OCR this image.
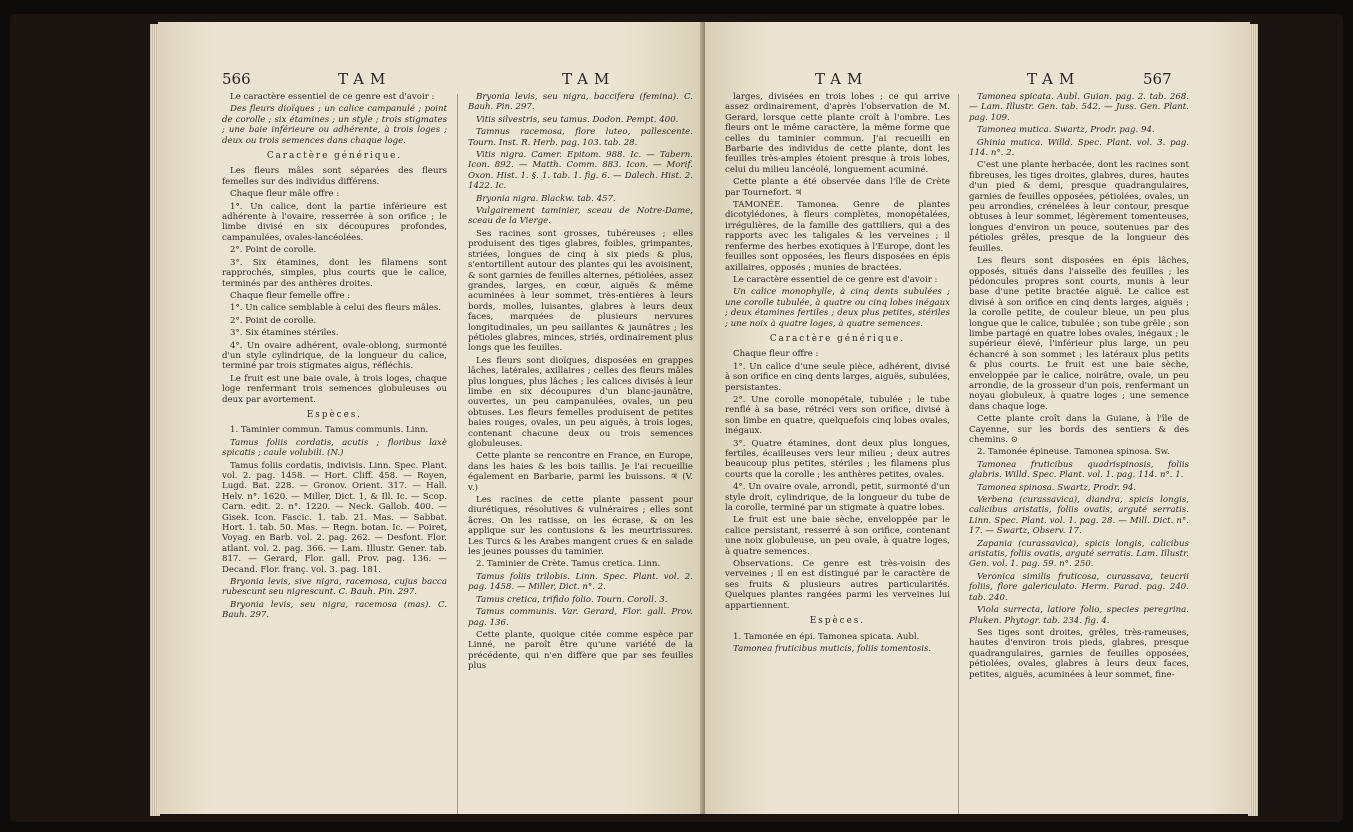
566	TAM	TAM

Le caractère essentiel de ce genre est d'avoir :

Des fleurs dioïques ; un calice campanulé ; point de corolle ; six étamines ; un style ; trois stigmates ; une baie inférieure ou adhérente, à trois loges ; deux ou trois semences dans chaque loge.

Caractère générique.

Les fleurs mâles sont séparées des fleurs femelles sur des individus différens.

Chaque fleur mâle offre :

1°. Un calice, dont la partie inférieure est adhérente à l'ovaire, resserrée à son orifice ; le limbe divisé en six découpures profondes, campanulées, ovales-lancéolées.

2°. Point de corolle.

3°. Six étamines, dont les filamens sont rapprochés, simples, plus courts que le calice, terminés par des anthères droites.

Chaque fleur femelle offre :

1°. Un calice semblable à celui des fleurs mâles.

2°. Point de corolle.

3°. Six étamines stériles.

4°. Un ovaire adhérent, ovale-oblong, surmonté d'un style cylindrique, de la longueur du calice, terminé par trois stigmates aigus, réfléchis.

Le fruit est une baie ovale, à trois loges, chaque loge renfermant trois semences globuleuses ou deux par avortement.

Espèces.

1. Taminier commun. Tamus communis. Linn.

Tamus foliis cordatis, acutis ; floribus laxè spicatis ; caule volubili. (N.)

Tamus foliis cordatis, indivisis. Linn. Spec. Plant. vol. 2. pag. 1458. — Hort. Cliff. 458. — Royen, Lugd. Bat. 228. — Gronov. Orient. 317. — Hall. Helv. n°. 1620. — Miller, Dict. 1, & Ill. Ic. — Scop. Carn. edit. 2. n°. 1220. — Neck. Gallob. 400. — Gisek. Icon. Fascic. 1. tab. 21. Mas. — Sabbat. Hort. 1. tab. 50. Mas. — Regn. botan. Ic. — Poiret, Voyag. en Barb. vol. 2. pag. 262. — Desfont. Flor. atlant. vol. 2. pag. 366. — Lam. Illustr. Gener. tab. 817. — Gerard, Flor. gall. Prov. pag. 136. — Decand. Flor. franç. vol. 3. pag. 181.

Bryonia levis, sive nigra, racemosa, cujus bacca rubescunt seu nigrescunt. C. Bauh. Pin. 297.

Bryonia levis, seu nigra, racemosa (mas). C. Bauh. 297.

Bryonia levis, seu nigra, baccifera (femina). C. Bauh. Pin. 297.

Vitis silvestris, seu tamus. Dodon. Pempt. 400.

Tamnus racemosa, flore luteo, pallescente. Tourn. Inst. R. Herb. pag. 103. tab. 28.

Vitis nigra. Camer. Epitom. 988. Ic. — Tabern. Icon. 892. — Matth. Comm. 883. Icon. — Morif. Oxon. Hist. 1. §. 1. tab. 1. fig. 6. — Dalech. Hist. 2. 1422. Ic.

Bryonia nigra. Blackw. tab. 457.

Vulgairement taminier, sceau de Notre-Dame, sceau de la Vierge.

Ses racines sont grosses, tubéreuses ; elles produisent des tiges glabres, foibles, grimpantes, striées, longues de cinq à six pieds & plus, s'entortillent autour des plantes qui les avoisinent, & sont garnies de feuilles alternes, pétiolées, assez grandes, larges, en cœur, aiguës & même acuminées à leur sommet, très-entières à leurs bords, molles, luisantes, glabres à leurs deux faces, marquées de plusieurs nervures longitudinales, un peu saillantes & jaunâtres ; les pétioles glabres, minces, striés, ordinairement plus longs que les feuilles.

Les fleurs sont dioïques, disposées en grappes lâches, latérales, axillaires ; celles des fleurs mâles plus longues, plus lâches ; les calices divisés à leur limbe en six découpures d'un blanc-jaunâtre, ouvertes, un peu campanulées, ovales, un peu obtuses. Les fleurs femelles produisent de petites baies rouges, ovales, un peu aiguës, à trois loges, contenant chacune deux ou trois semences globuleuses.

Cette plante se rencontre en France, en Europe, dans les haies & les bois taillis. Je l'ai recueillie également en Barbarie, parmi les buissons. ♃ (V. v.)

Les racines de cette plante passent pour diurétiques, résolutives & vulnéraires ; elles sont âcres. On les ratisse, on les écrase, & on les applique sur les contusions & les meurtrissures. Les Turcs & les Arabes mangent crues & en salade les jeunes pousses du taminier.

2. Taminier de Crète. Tamus cretica. Linn.

Tamus foliis trilobis. Linn. Spec. Plant. vol. 2. pag. 1458. — Miller, Dict. n°. 2.

Tamus cretica, trifido folio. Tourn. Coroll. 3.

Tamus communis. Var. Gerard, Flor. gall. Prov. pag. 136.

Cette plante, quoique citée comme espèce par Linné, ne paroît être qu'une variété de la précédente, qui n'en diffère que par ses feuilles plus

TAM	TAM	567

larges, divisées en trois lobes ; ce qui arrive assez ordinairement, d'après l'observation de M. Gerard, lorsque cette plante croît à l'ombre. Les fleurs ont le même caractère, la même forme que celles du taminier commun. J'ai recueilli en Barbarie des individus de cette plante, dont les feuilles très-amples étoient presque à trois lobes, celui du milieu lancéolé, longuement acuminé.

Cette plante a été observée dans l'île de Crète par Tournefort. ♃

TAMONÉE. Tamonea. Genre de plantes dicotylédones, à fleurs complètes, monopétalées, irrégulières, de la famille des gattiliers, qui a des rapports avec les taligales & les verveines ; il renferme des herbes exotiques à l'Europe, dont les feuilles sont opposées, les fleurs disposées en épis axillaires, opposés ; munies de bractées.

Le caractère essentiel de ce genre est d'avoir :

Un calice monophylle, à cinq dents subulées ; une corolle tubulée, à quatre ou cinq lobes inégaux ; deux étamines fertiles ; deux plus petites, stériles ; une noix à quatre loges, à quatre semences.

Caractère générique.

Chaque fleur offre :

1°. Un calice d'une seule pièce, adhérent, divisé à son orifice en cinq dents larges, aiguës, subulées, persistantes.

2°. Une corolle monopétale, tubulée ; le tube renflé à sa base, rétréci vers son orifice, divisé à son limbe en quatre, quelquefois cinq lobes ovales, inégaux.

3°. Quatre étamines, dont deux plus longues, fertiles, écailleuses vers leur milieu ; deux autres beaucoup plus petites, stériles ; les filamens plus courts que la corolle ; les anthères petites, ovales.

4°. Un ovaire ovale, arrondi, petit, surmonté d'un style droit, cylindrique, de la longueur du tube de la corolle, terminé par un stigmate à quatre lobes.

Le fruit est une baie sèche, enveloppée par le calice persistant, resserré à son orifice, contenant une noix globuleuse, un peu ovale, à quatre loges, à quatre semences.

Observations. Ce genre est très-voisin des verveines ; il en est distingué par le caractère de ses fruits & plusieurs autres particularités. Quelques plantes rangées parmi les verveines lui appartiennent.

Espèces.

1. Tamonée en épi. Tamonea spicata. Aubl.

Tamonea fruticibus muticis, foliis tomentosis.

Tamonea spicata. Aubl. Guian. pag. 2. tab. 268. — Lam. Illustr. Gen. tab. 542. — Juss. Gen. Plant. pag. 109.

Tamonea mutica. Swartz, Prodr. pag. 94.

Ghinia mutica. Willd. Spec. Plant. vol. 3. pag. 114. n°. 2.

C'est une plante herbacée, dont les racines sont fibreuses, les tiges droites, glabres, dures, hautes d'un pied & demi, presque quadrangulaires, garnies de feuilles opposées, pétiolées, ovales, un peu arrondies, crénelées à leur contour, presque obtuses à leur sommet, légèrement tomenteuses, longues d'environ un pouce, soutenues par des pétioles grêles, presque de la longueur des feuilles.

Les fleurs sont disposées en épis lâches, opposés, situés dans l'aisselle des feuilles ; les pédoncules propres sont courts, munis à leur base d'une petite bractée aiguë. Le calice est divisé à son orifice en cinq dents larges, aiguës ; la corolle petite, de couleur bleue, un peu plus longue que le calice, tubulée ; son tube grêle ; son limbe partagé en quatre lobes ovales, inégaux ; le supérieur élevé, l'inférieur plus large, un peu échancré à son sommet ; les latéraux plus petits & plus courts. Le fruit est une baie sèche, enveloppée par le calice, noirâtre, ovale, un peu arrondie, de la grosseur d'un pois, renfermant un noyau globuleux, à quatre loges ; une semence dans chaque loge.

Cette plante croît dans la Guiane, à l'île de Cayenne, sur les bords des sentiers & des chemins. ⊙

2. Tamonée épineuse. Tamonea spinosa. Sw.

Tamonea fruticibus quadrispinosis, foliis glabris. Willd. Spec. Plant. vol. 1. pag. 114. n°. 1.

Tamonea spinosa. Swartz, Prodr. 94.

Verbena (curassavica), diandra, spicis longis, calicibus aristatis, foliis ovatis, arguté serratis. Linn. Spec. Plant. vol. 1. pag. 28. — Mill. Dict. n°. 17. — Swartz, Observ. 17.

Zapania (curassavica), spicis longis, calicibus aristatis, foliis ovatis, arguté serratis. Lam. Illustr. Gen. vol. 1. pag. 59. n°. 250.

Veronica similis fruticosa, curassava, teucrii foliis, flore galericulato. Herm. Parad. pag. 240. tab. 240.

Viola surrecta, latiore folio, species peregrina. Pluken. Phytogr. tab. 234. fig. 4.

Ses tiges sont droites, grêles, très-rameuses, hautes d'environ trois pieds, glabres, presque quadrangulaires, garnies de feuilles opposées, pétiolées, ovales, glabres à leurs deux faces, petites, aiguës, acuminées à leur sommet, fine-
